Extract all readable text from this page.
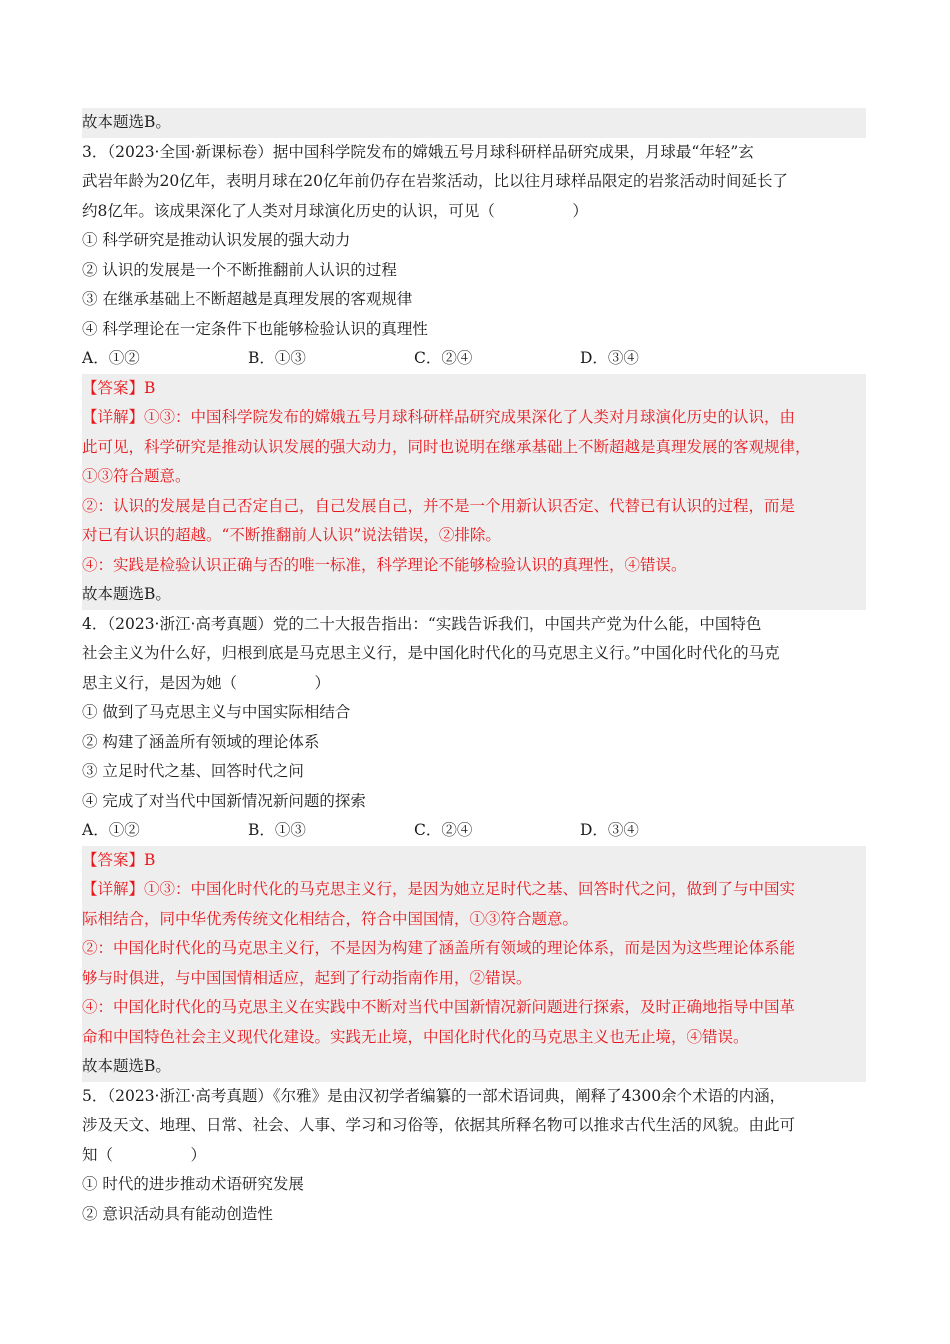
故本题选B。
3．（2023·全国·新课标卷）据中国科学院发布的嫦娥五号月球科研样品研究成果，月球最“年轻”玄
武岩年龄为20亿年，表明月球在20亿年前仍存在岩浆活动，比以往月球样品限定的岩浆活动时间延长了
约8亿年。该成果深化了人类对月球演化历史的认识，可见（　　　　　）
① 科学研究是推动认识发展的强大动力
② 认识的发展是一个不断推翻前人认识的过程
③ 在继承基础上不断超越是真理发展的客观规律
④ 科学理论在一定条件下也能够检验认识的真理性
A．①②	B．①③	C．②④	D．③④
【答案】B
【详解】①③：中国科学院发布的嫦娥五号月球科研样品研究成果深化了人类对月球演化历史的认识，由
此可见，科学研究是推动认识发展的强大动力，同时也说明在继承基础上不断超越是真理发展的客观规律，
①③符合题意。
②：认识的发展是自己否定自己，自己发展自己，并不是一个用新认识否定、代替已有认识的过程，而是
对已有认识的超越。“不断推翻前人认识”说法错误，②排除。
④：实践是检验认识正确与否的唯一标准，科学理论不能够检验认识的真理性，④错误。
故本题选B。
4．（2023·浙江·高考真题）党的二十大报告指出：“实践告诉我们，中国共产党为什么能，中国特色
社会主义为什么好，归根到底是马克思主义行，是中国化时代化的马克思主义行。”中国化时代化的马克
思主义行，是因为她（　　　　　）
① 做到了马克思主义与中国实际相结合
② 构建了涵盖所有领域的理论体系
③ 立足时代之基、回答时代之问
④ 完成了对当代中国新情况新问题的探索
A．①②	B．①③	C．②④	D．③④
【答案】B
【详解】①③：中国化时代化的马克思主义行，是因为她立足时代之基、回答时代之问，做到了与中国实
际相结合，同中华优秀传统文化相结合，符合中国国情，①③符合题意。
②：中国化时代化的马克思主义行，不是因为构建了涵盖所有领域的理论体系，而是因为这些理论体系能
够与时俱进，与中国国情相适应，起到了行动指南作用，②错误。
④：中国化时代化的马克思主义在实践中不断对当代中国新情况新问题进行探索，及时正确地指导中国革
命和中国特色社会主义现代化建设。实践无止境，中国化时代化的马克思主义也无止境，④错误。
故本题选B。
5．（2023·浙江·高考真题）《尔雅》是由汉初学者编纂的一部术语词典，阐释了4300余个术语的内涵，
涉及天文、地理、日常、社会、人事、学习和习俗等，依据其所释名物可以推求古代生活的风貌。由此可
知（　　　　　）
① 时代的进步推动术语研究发展
② 意识活动具有能动创造性
